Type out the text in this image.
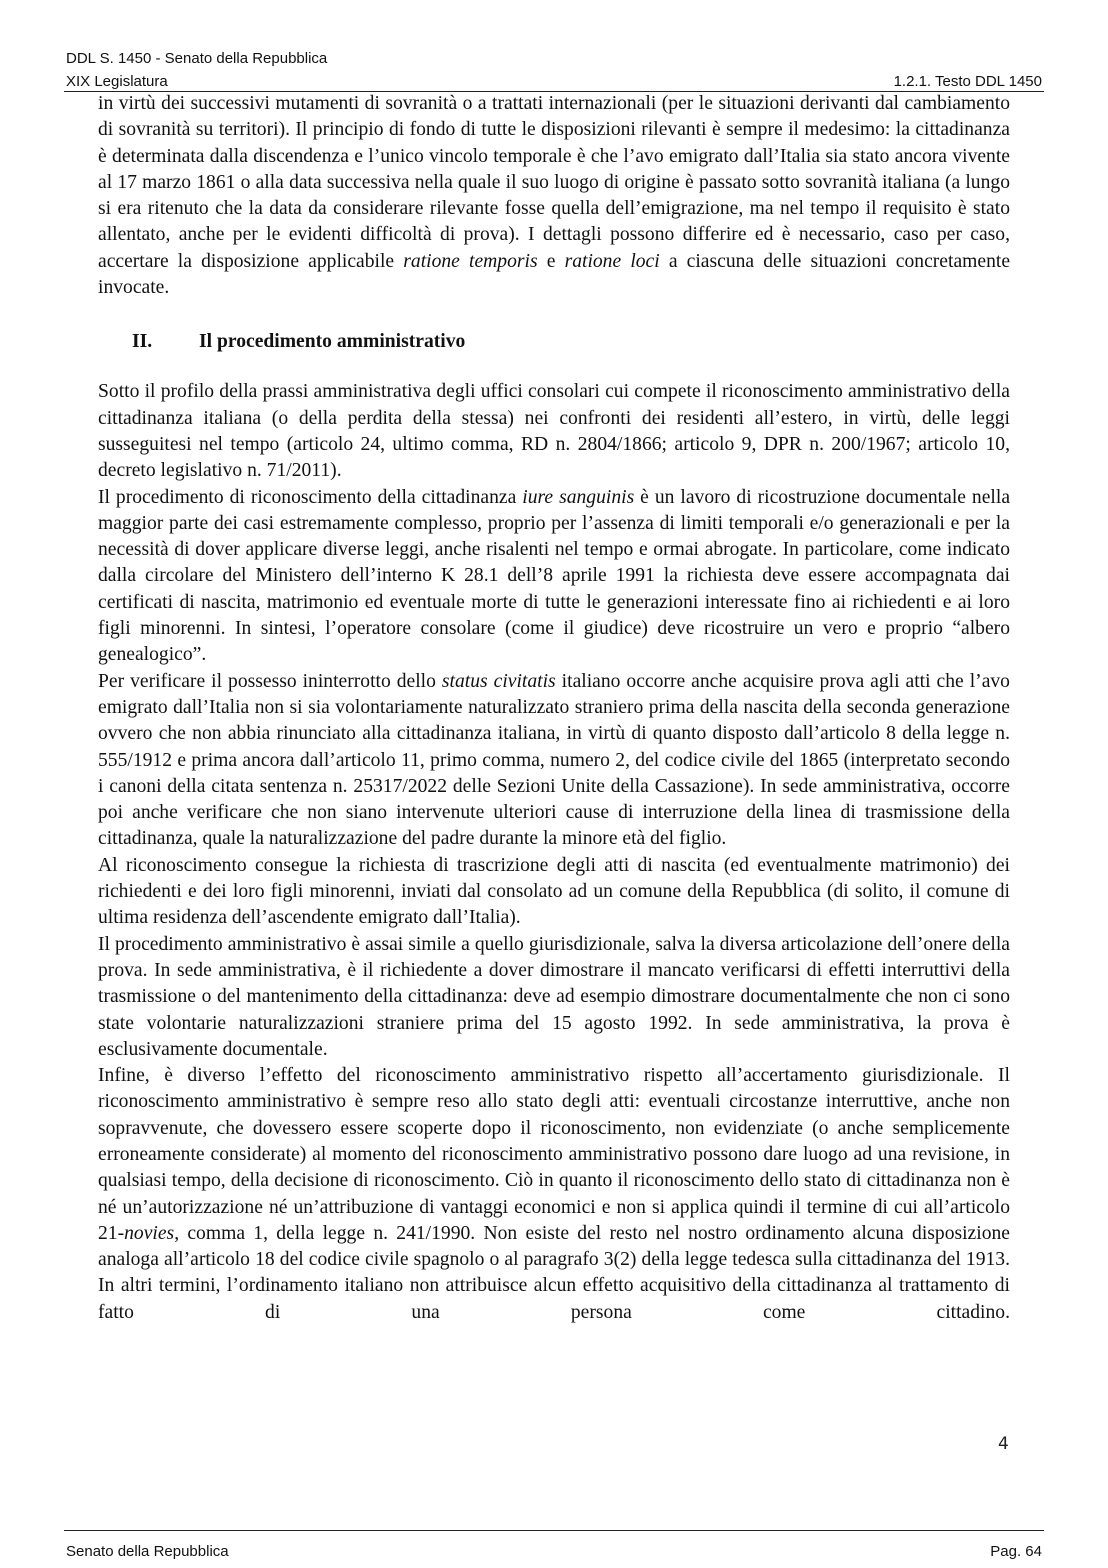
DDL S. 1450 - Senato della Repubblica
XIX Legislatura	1.2.1. Testo DDL 1450

in virtù dei successivi mutamenti di sovranità o a trattati internazionali (per le situazioni derivanti dal cambiamento di sovranità su territori). Il principio di fondo di tutte le disposizioni rilevanti è sempre il medesimo: la cittadinanza è determinata dalla discendenza e l’unico vincolo temporale è che l’avo emigrato dall’Italia sia stato ancora vivente al 17 marzo 1861 o alla data successiva nella quale il suo luogo di origine è passato sotto sovranità italiana (a lungo si era ritenuto che la data da considerare rilevante fosse quella dell’emigrazione, ma nel tempo il requisito è stato allentato, anche per le evidenti difficoltà di prova). I dettagli possono differire ed è necessario, caso per caso, accertare la disposizione applicabile ratione temporis e ratione loci a ciascuna delle situazioni concretamente invocate.

II.	Il procedimento amministrativo

Sotto il profilo della prassi amministrativa degli uffici consolari cui compete il riconoscimento amministrativo della cittadinanza italiana (o della perdita della stessa) nei confronti dei residenti all’estero, in virtù, delle leggi susseguitesi nel tempo (articolo 24, ultimo comma, RD n. 2804/1866; articolo 9, DPR n. 200/1967; articolo 10, decreto legislativo n. 71/2011).

Il procedimento di riconoscimento della cittadinanza iure sanguinis è un lavoro di ricostruzione documentale nella maggior parte dei casi estremamente complesso, proprio per l’assenza di limiti temporali e/o generazionali e per la necessità di dover applicare diverse leggi, anche risalenti nel tempo e ormai abrogate. In particolare, come indicato dalla circolare del Ministero dell’interno K 28.1 dell’8 aprile 1991 la richiesta deve essere accompagnata dai certificati di nascita, matrimonio ed eventuale morte di tutte le generazioni interessate fino ai richiedenti e ai loro figli minorenni. In sintesi, l’operatore consolare (come il giudice) deve ricostruire un vero e proprio “albero genealogico”.

Per verificare il possesso ininterrotto dello status civitatis italiano occorre anche acquisire prova agli atti che l’avo emigrato dall’Italia non si sia volontariamente naturalizzato straniero prima della nascita della seconda generazione ovvero che non abbia rinunciato alla cittadinanza italiana, in virtù di quanto disposto dall’articolo 8 della legge n. 555/1912 e prima ancora dall’articolo 11, primo comma, numero 2, del codice civile del 1865 (interpretato secondo i canoni della citata sentenza n. 25317/2022 delle Sezioni Unite della Cassazione). In sede amministrativa, occorre poi anche verificare che non siano intervenute ulteriori cause di interruzione della linea di trasmissione della cittadinanza, quale la naturalizzazione del padre durante la minore età del figlio.

Al riconoscimento consegue la richiesta di trascrizione degli atti di nascita (ed eventualmente matrimonio) dei richiedenti e dei loro figli minorenni, inviati dal consolato ad un comune della Repubblica (di solito, il comune di ultima residenza dell’ascendente emigrato dall’Italia).

Il procedimento amministrativo è assai simile a quello giurisdizionale, salva la diversa articolazione dell’onere della prova. In sede amministrativa, è il richiedente a dover dimostrare il mancato verificarsi di effetti interruttivi della trasmissione o del mantenimento della cittadinanza: deve ad esempio dimostrare documentalmente che non ci sono state volontarie naturalizzazioni straniere prima del 15 agosto 1992. In sede amministrativa, la prova è esclusivamente documentale.

Infine, è diverso l’effetto del riconoscimento amministrativo rispetto all’accertamento giurisdizionale. Il riconoscimento amministrativo è sempre reso allo stato degli atti: eventuali circostanze interruttive, anche non sopravvenute, che dovessero essere scoperte dopo il riconoscimento, non evidenziate (o anche semplicemente erroneamente considerate) al momento del riconoscimento amministrativo possono dare luogo ad una revisione, in qualsiasi tempo, della decisione di riconoscimento. Ciò in quanto il riconoscimento dello stato di cittadinanza non è né un’autorizzazione né un’attribuzione di vantaggi economici e non si applica quindi il termine di cui all’articolo 21-novies, comma 1, della legge n. 241/1990. Non esiste del resto nel nostro ordinamento alcuna disposizione analoga all’articolo 18 del codice civile spagnolo o al paragrafo 3(2) della legge tedesca sulla cittadinanza del 1913. In altri termini, l’ordinamento italiano non attribuisce alcun effetto acquisitivo della cittadinanza al trattamento di fatto di una persona come cittadino.

4
Senato della Repubblica	Pag. 64
